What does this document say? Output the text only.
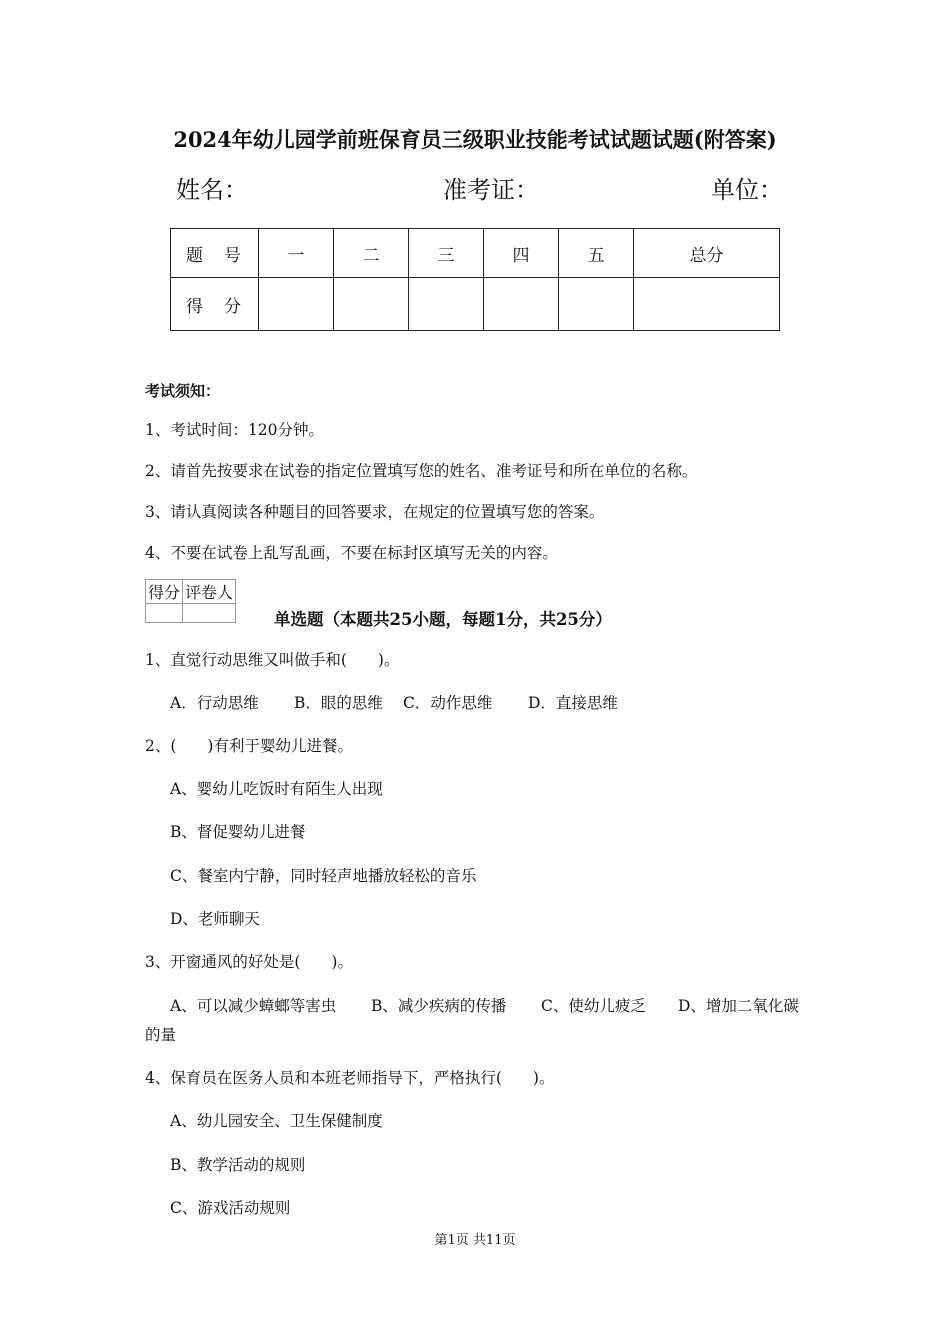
2024年幼儿园学前班保育员三级职业技能考试试题试题(附答案)
姓名：	准考证：	单位：
题　号	一	二	三	四	五	总分
得　分						
考试须知：
1、考试时间：120分钟。
2、请首先按要求在试卷的指定位置填写您的姓名、准考证号和所在单位的名称。
3、请认真阅读各种题目的回答要求，在规定的位置填写您的答案。
4、不要在试卷上乱写乱画，不要在标封区填写无关的内容。
得分	评卷人

单选题（本题共25小题，每题1分，共25分）
1、直觉行动思维又叫做手和(　　)。
A．行动思维 B．眼的思维 C．动作思维 D．直接思维
2、(　　)有利于婴幼儿进餐。
A、婴幼儿吃饭时有陌生人出现
B、督促婴幼儿进餐
C、餐室内宁静，同时轻声地播放轻松的音乐
D、老师聊天
3、开窗通风的好处是(　　)。
A、可以减少蟑螂等害虫 B、减少疾病的传播 C、使幼儿疲乏 D、增加二氧化碳
的量
4、保育员在医务人员和本班老师指导下，严格执行(　　)。
A、幼儿园安全、卫生保健制度
B、教学活动的规则
C、游戏活动规则
第1页 共11页
